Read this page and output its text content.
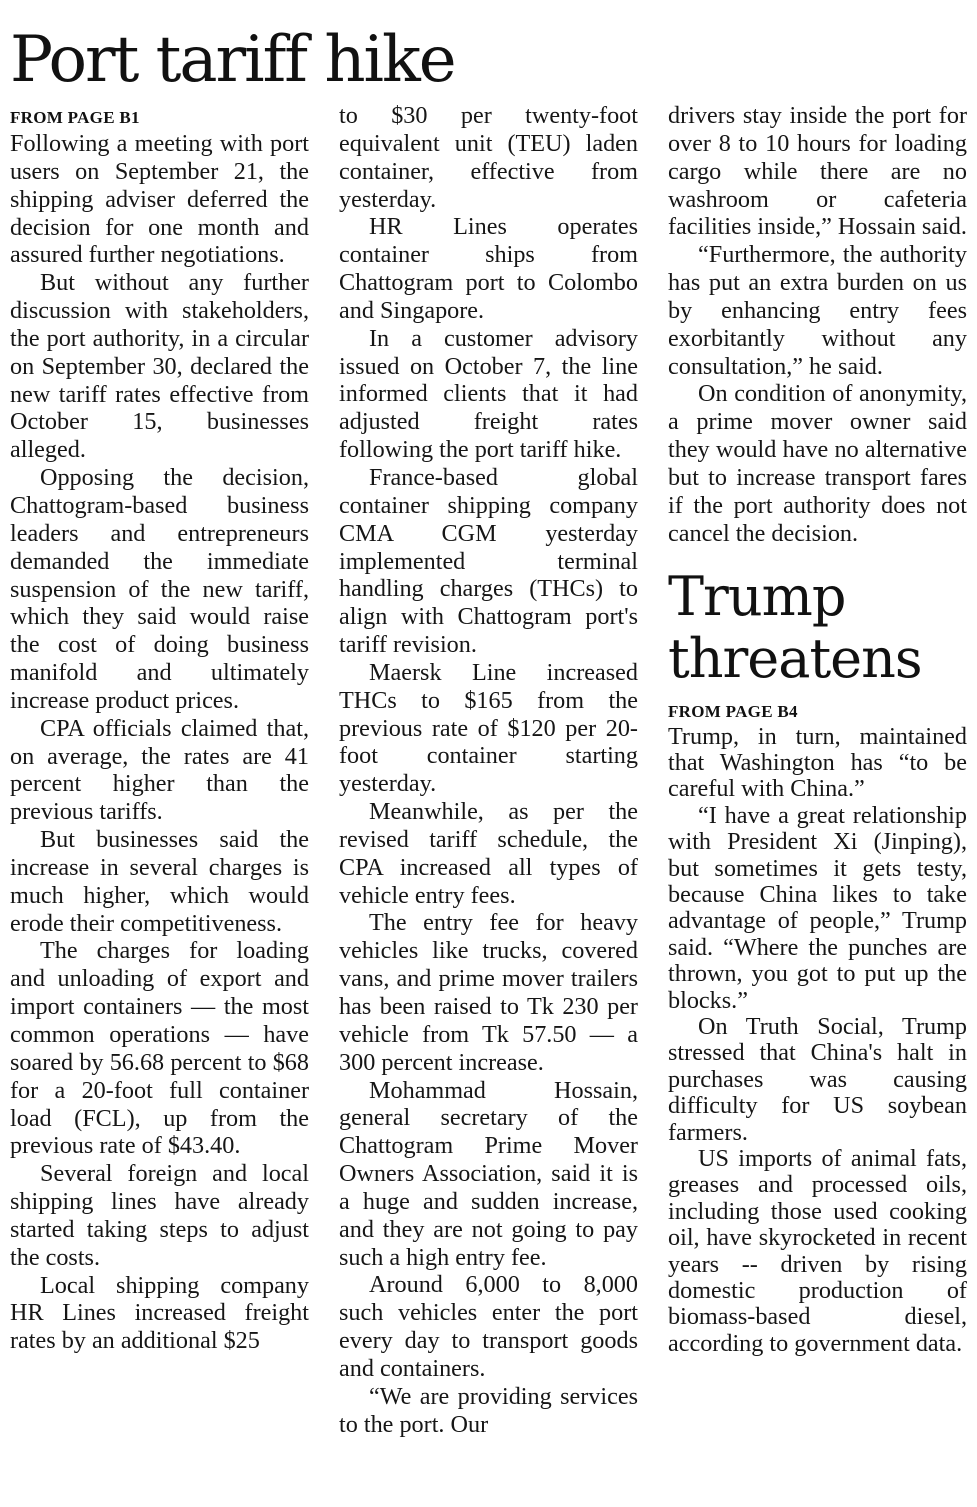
Port tariff hike
FROM PAGE B1

Following a meeting with port users on September 21, the shipping adviser deferred the decision for one month and assured further negotiations.

But without any further discussion with stakeholders, the port authority, in a circular on September 30, declared the new tariff rates effective from October 15, businesses alleged.

Opposing the decision, Chattogram-based business leaders and entrepreneurs demanded the immediate suspension of the new tariff, which they said would raise the cost of doing business manifold and ultimately increase product prices.

CPA officials claimed that, on average, the rates are 41 percent higher than the previous tariffs.

But businesses said the increase in several charges is much higher, which would erode their competitiveness.

The charges for loading and unloading of export and import containers — the most common operations — have soared by 56.68 percent to $68 for a 20-foot full container load (FCL), up from the previous rate of $43.40.

Several foreign and local shipping lines have already started taking steps to adjust the costs.

Local shipping company HR Lines increased freight rates by an additional $25

to $30 per twenty-foot equivalent unit (TEU) laden container, effective from yesterday.

HR Lines operates container ships from Chattogram port to Colombo and Singapore.

In a customer advisory issued on October 7, the line informed clients that it had adjusted freight rates following the port tariff hike.

France-based global container shipping company CMA CGM yesterday implemented terminal handling charges (THCs) to align with Chattogram port's tariff revision.

Maersk Line increased THCs to $165 from the previous rate of $120 per 20-foot container starting yesterday.

Meanwhile, as per the revised tariff schedule, the CPA increased all types of vehicle entry fees.

The entry fee for heavy vehicles like trucks, covered vans, and prime mover trailers has been raised to Tk 230 per vehicle from Tk 57.50 — a 300 percent increase.

Mohammad Hossain, general secretary of the Chattogram Prime Mover Owners Association, said it is a huge and sudden increase, and they are not going to pay such a high entry fee.

Around 6,000 to 8,000 such vehicles enter the port every day to transport goods and containers.

“We are providing services to the port. Our

drivers stay inside the port for over 8 to 10 hours for loading cargo while there are no washroom or cafeteria facilities inside,” Hossain said.

“Furthermore, the authority has put an extra burden on us by enhancing entry fees exorbitantly without any consultation,” he said.

On condition of anonymity, a prime mover owner said they would have no alternative but to increase transport fares if the port authority does not cancel the decision.

Trump threatens
FROM PAGE B4

Trump, in turn, maintained that Washington has “to be careful with China.”

“I have a great relationship with President Xi (Jinping), but sometimes it gets testy, because China likes to take advantage of people,” Trump said. “Where the punches are thrown, you got to put up the blocks.”

On Truth Social, Trump stressed that China's halt in purchases was causing difficulty for US soybean farmers.

US imports of animal fats, greases and processed oils, including those used cooking oil, have skyrocketed in recent years -- driven by rising domestic production of biomass-based diesel, according to government data.
